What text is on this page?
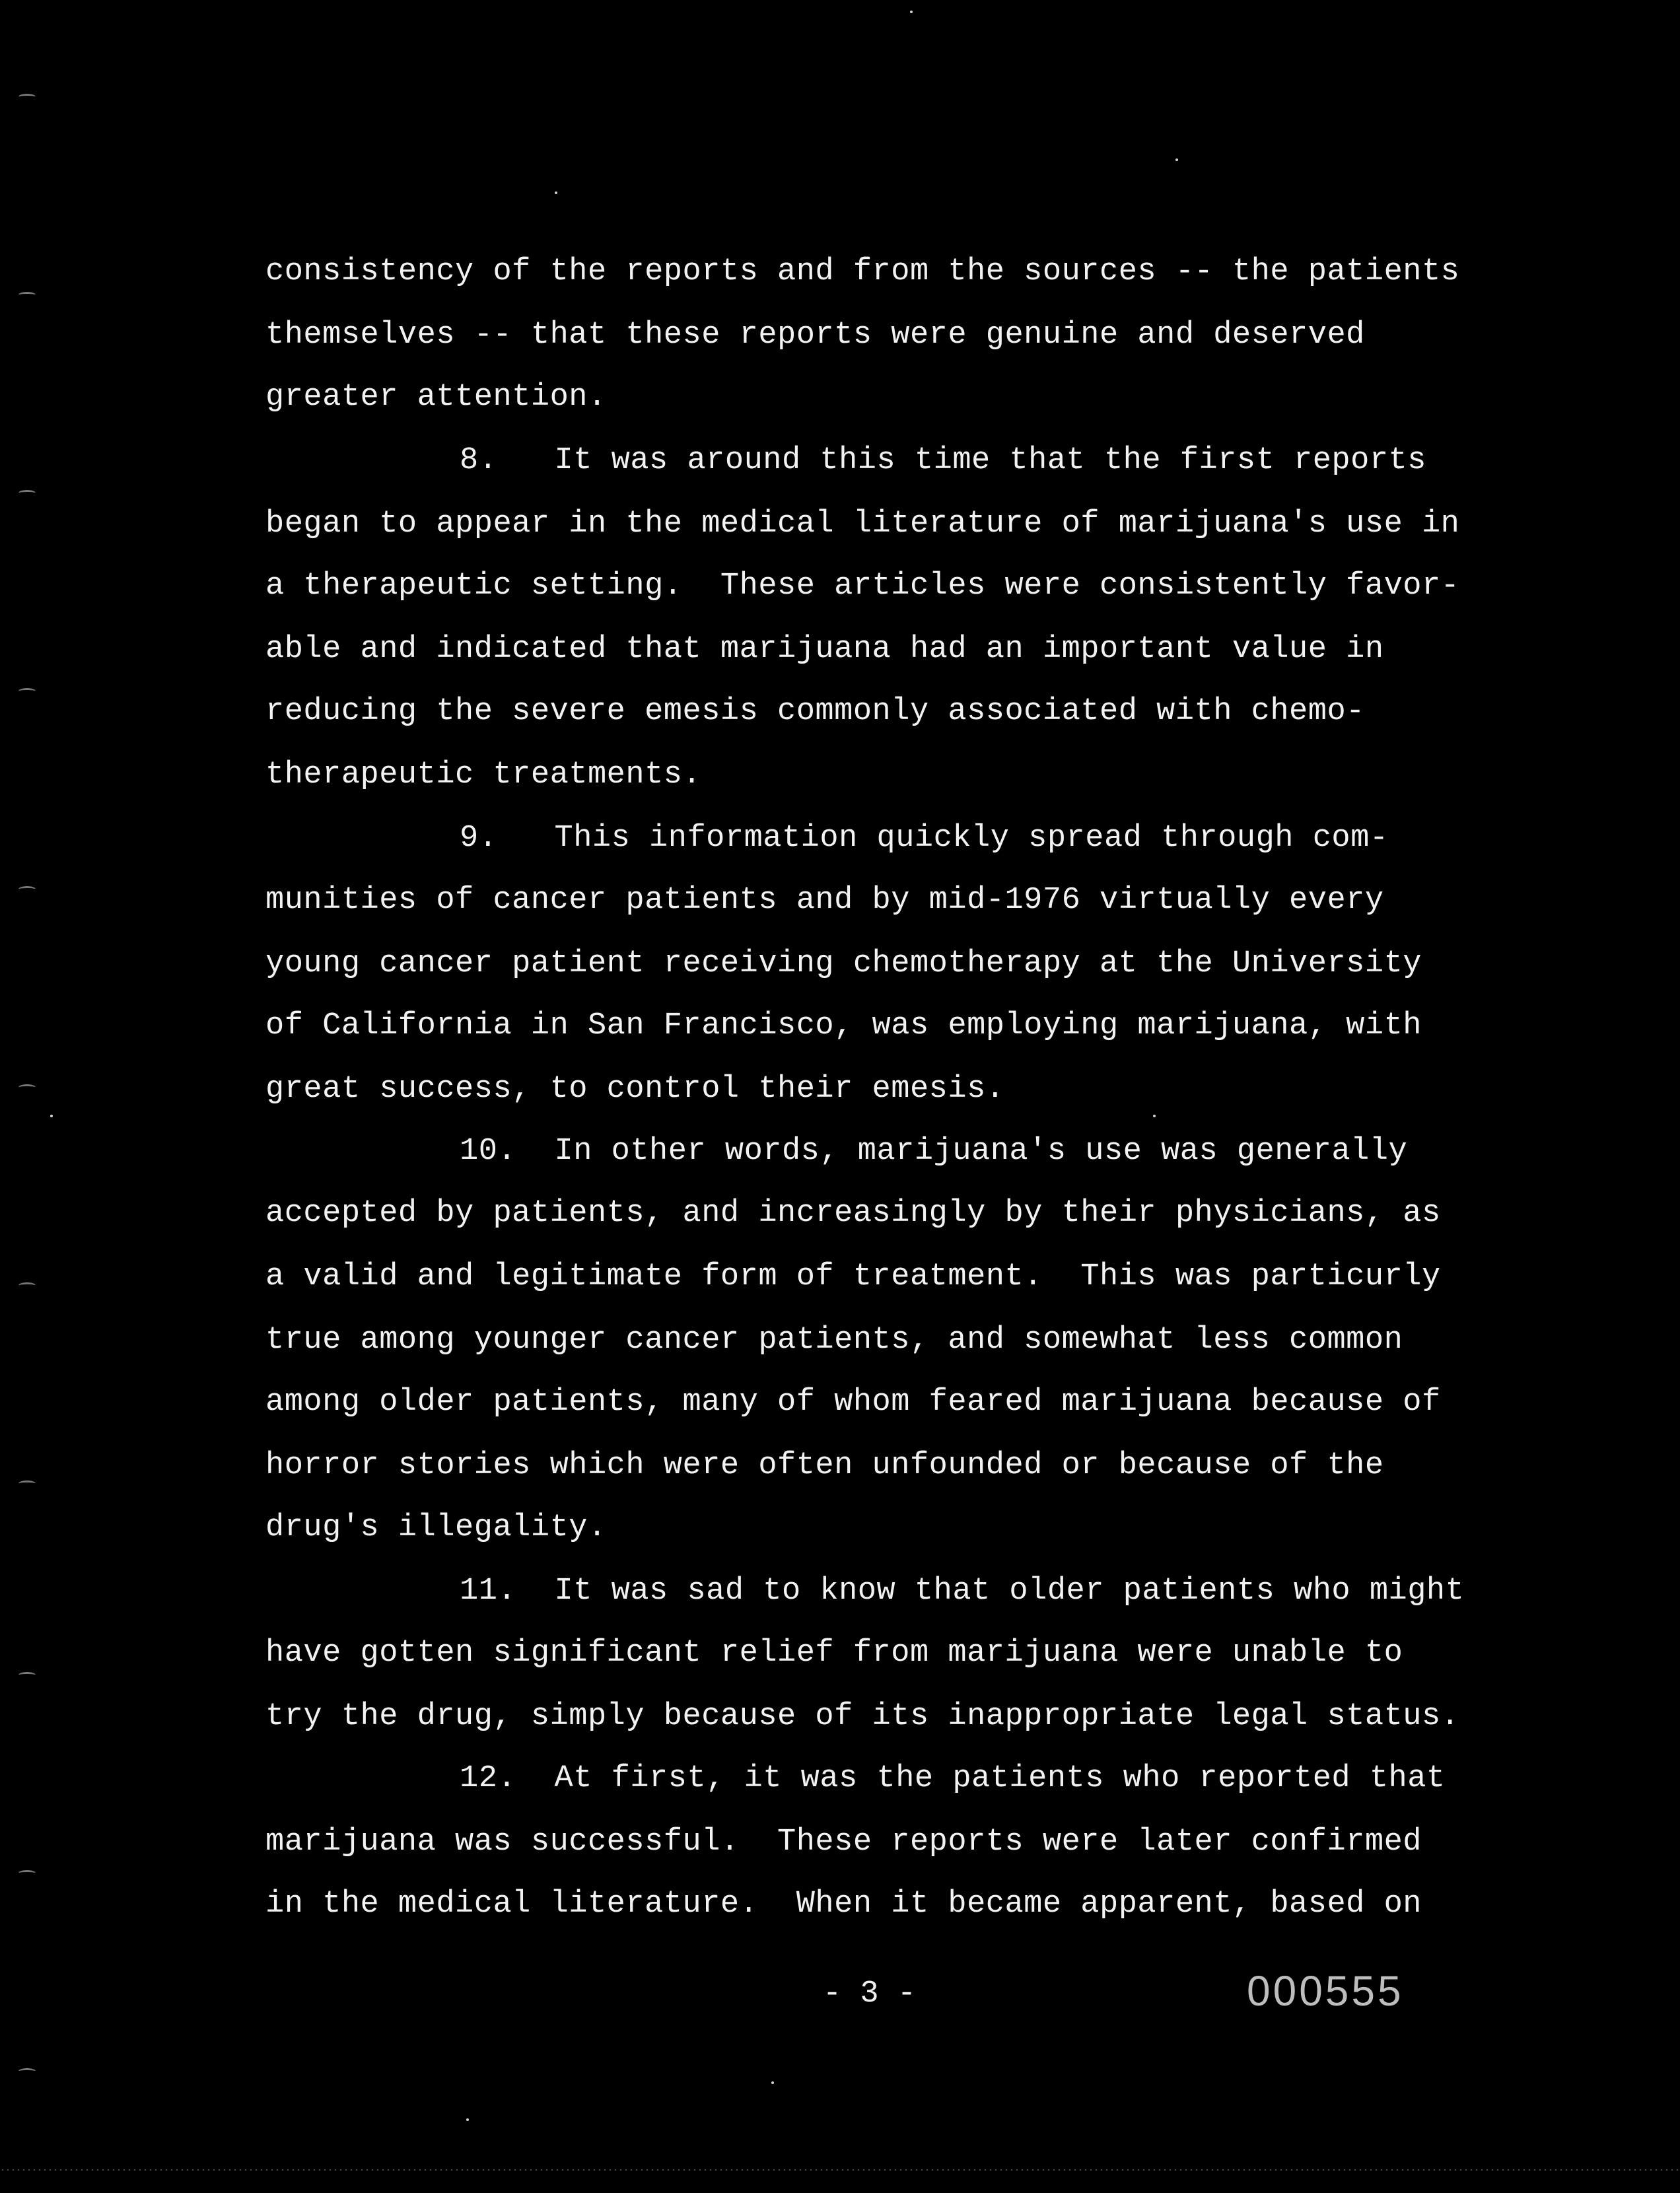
consistency of the reports and from the sources -- the patients
themselves -- that these reports were genuine and deserved
greater attention.
8.   It was around this time that the first reports
began to appear in the medical literature of marijuana's use in
a therapeutic setting.  These articles were consistently favor-
able and indicated that marijuana had an important value in
reducing the severe emesis commonly associated with chemo-
therapeutic treatments.
9.   This information quickly spread through com-
munities of cancer patients and by mid-1976 virtually every
young cancer patient receiving chemotherapy at the University
of California in San Francisco, was employing marijuana, with
great success, to control their emesis.
10.  In other words, marijuana's use was generally
accepted by patients, and increasingly by their physicians, as
a valid and legitimate form of treatment.  This was particurly
true among younger cancer patients, and somewhat less common
among older patients, many of whom feared marijuana because of
horror stories which were often unfounded or because of the
drug's illegality.
11.  It was sad to know that older patients who might
have gotten significant relief from marijuana were unable to
try the drug, simply because of its inappropriate legal status.
12.  At first, it was the patients who reported that
marijuana was successful.  These reports were later confirmed
in the medical literature.  When it became apparent, based on
- 3 -	000555
